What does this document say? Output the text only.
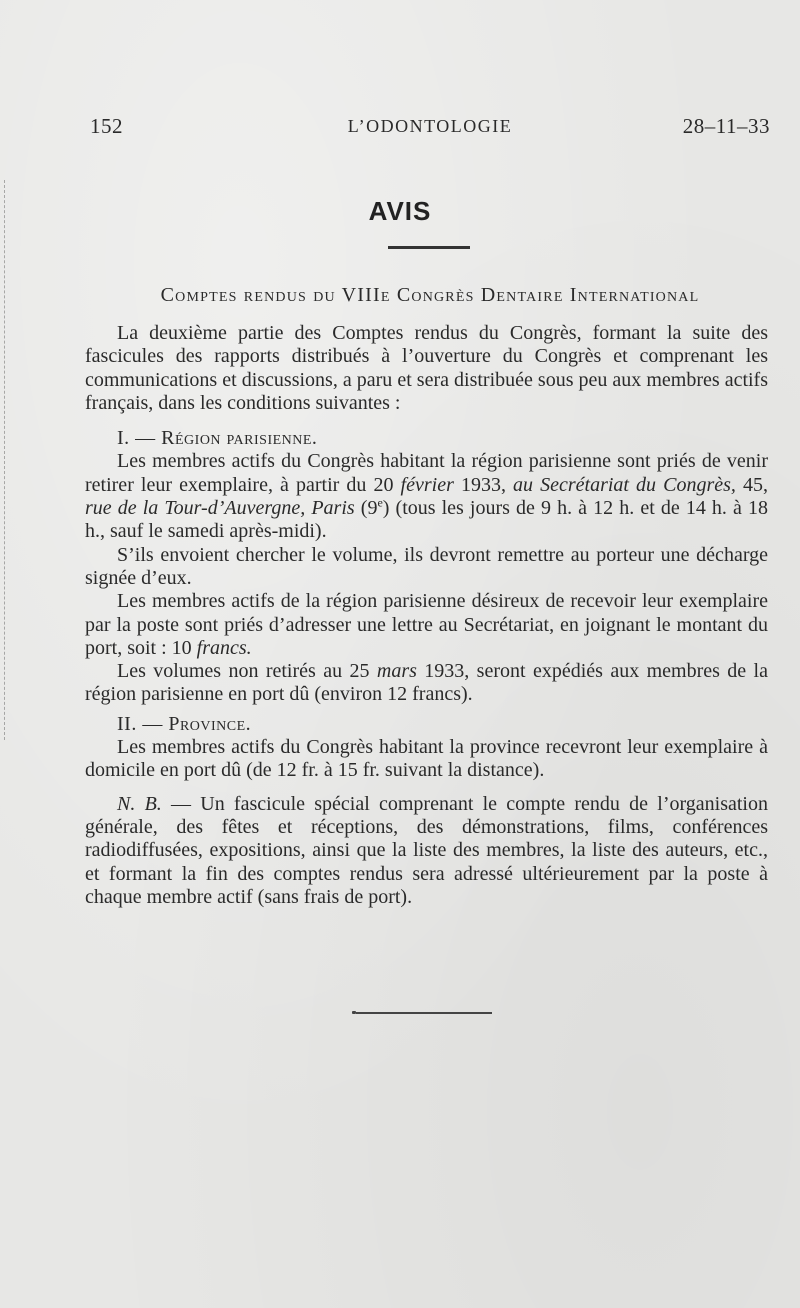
152	L’ODONTOLOGIE	28–11–33
AVIS
Comptes rendus du VIIIe Congrès Dentaire International

La deuxième partie des Comptes rendus du Congrès, formant la suite des fascicules des rapports distribués à l’ouverture du Congrès et comprenant les communications et discussions, a paru et sera distribuée sous peu aux membres actifs français, dans les conditions suivantes :

I. — Région parisienne.

Les membres actifs du Congrès habitant la région parisienne sont priés de venir retirer leur exemplaire, à partir du 20 février 1933, au Secrétariat du Congrès, 45, rue de la Tour-d’Auvergne, Paris (9e) (tous les jours de 9 h. à 12 h. et de 14 h. à 18 h., sauf le samedi après-midi).

S’ils envoient chercher le volume, ils devront remettre au porteur une décharge signée d’eux.

Les membres actifs de la région parisienne désireux de recevoir leur exemplaire par la poste sont priés d’adresser une lettre au Secrétariat, en joignant le montant du port, soit : 10 francs.

Les volumes non retirés au 25 mars 1933, seront expédiés aux membres de la région parisienne en port dû (environ 12 francs).

II. — Province.

Les membres actifs du Congrès habitant la province recevront leur exemplaire à domicile en port dû (de 12 fr. à 15 fr. suivant la distance).

N. B. — Un fascicule spécial comprenant le compte rendu de l’organisation générale, des fêtes et réceptions, des démonstrations, films, conférences radiodiffusées, expositions, ainsi que la liste des membres, la liste des auteurs, etc., et formant la fin des comptes rendus sera adressé ultérieurement par la poste à chaque membre actif (sans frais de port).
